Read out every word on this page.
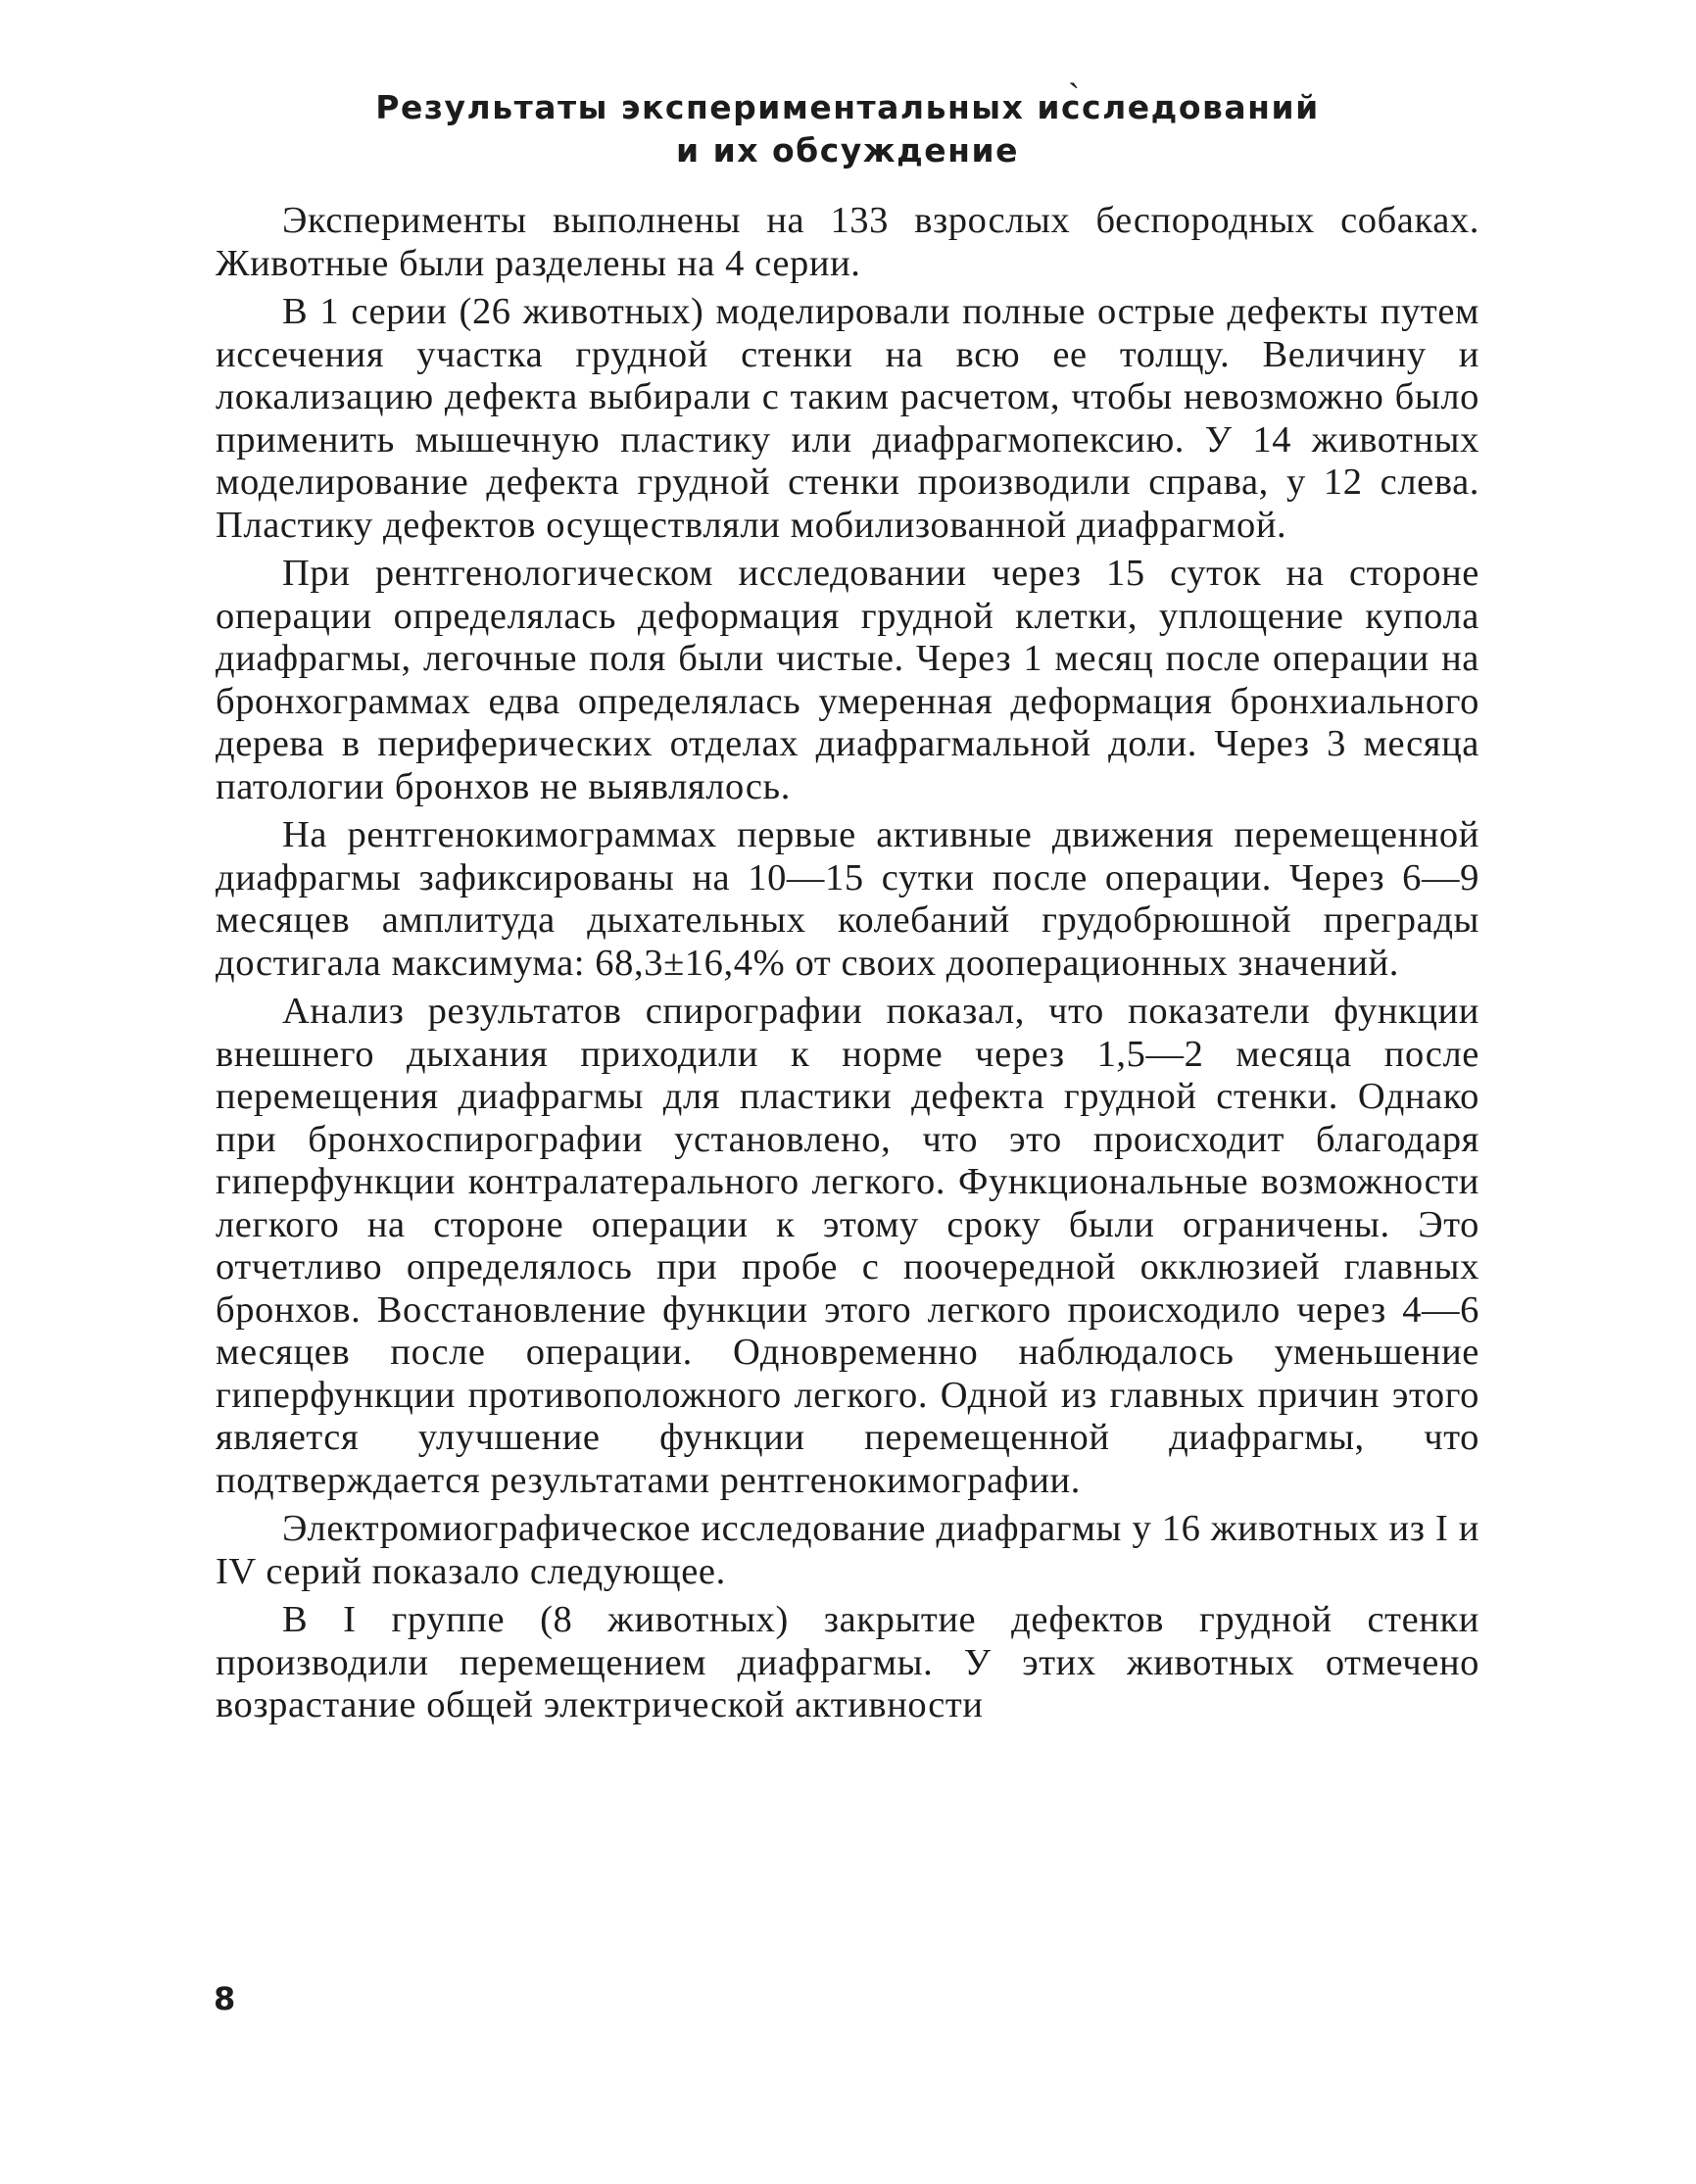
ˎ
Результаты экспериментальных исследований
и их обсуждение

Эксперименты выполнены на 133 взрослых беспородных собаках. Животные были разделены на 4 серии.

В 1 серии (26 животных) моделировали полные острые дефекты путем иссечения участка грудной стенки на всю ее толщу. Величину и локализацию дефекта выбирали с таким расчетом, чтобы невозможно было применить мышечную пластику или диафрагмопексию. У 14 животных моделирование дефекта грудной стенки производили справа, у 12 слева. Пластику дефектов осуществляли мобилизованной диафрагмой.

При рентгенологическом исследовании через 15 суток на стороне операции определялась деформация грудной клетки, уплощение купола диафрагмы, легочные поля были чистые. Через 1 месяц после операции на бронхограммах едва определялась умеренная деформация бронхиального дерева в периферических отделах диафрагмальной доли. Через 3 месяца патологии бронхов не выявлялось.

На рентгенокимограммах первые активные движения перемещенной диафрагмы зафиксированы на 10—15 сутки после операции. Через 6—9 месяцев амплитуда дыхательных колебаний грудобрюшной преграды достигала максимума: 68,3±16,4% от своих дооперационных значений.

Анализ результатов спирографии показал, что показатели функции внешнего дыхания приходили к норме через 1,5—2 месяца после перемещения диафрагмы для пластики дефекта грудной стенки. Однако при бронхоспирографии установлено, что это происходит благодаря гиперфункции контралатерального легкого. Функциональные возможности легкого на стороне операции к этому сроку были ограничены. Это отчетливо определялось при пробе с поочередной окклюзией главных бронхов. Восстановление функции этого легкого происходило через 4—6 месяцев после операции. Одновременно наблюдалось уменьшение гиперфункции противоположного легкого. Одной из главных причин этого является улучшение функции перемещенной диафрагмы, что подтверждается результатами рентгенокимографии.

Электромиографическое исследование диафрагмы у 16 животных из I и IV серий показало следующее.

В I группе (8 животных) закрытие дефектов грудной стенки производили перемещением диафрагмы. У этих животных отмечено возрастание общей электрической активности

8
